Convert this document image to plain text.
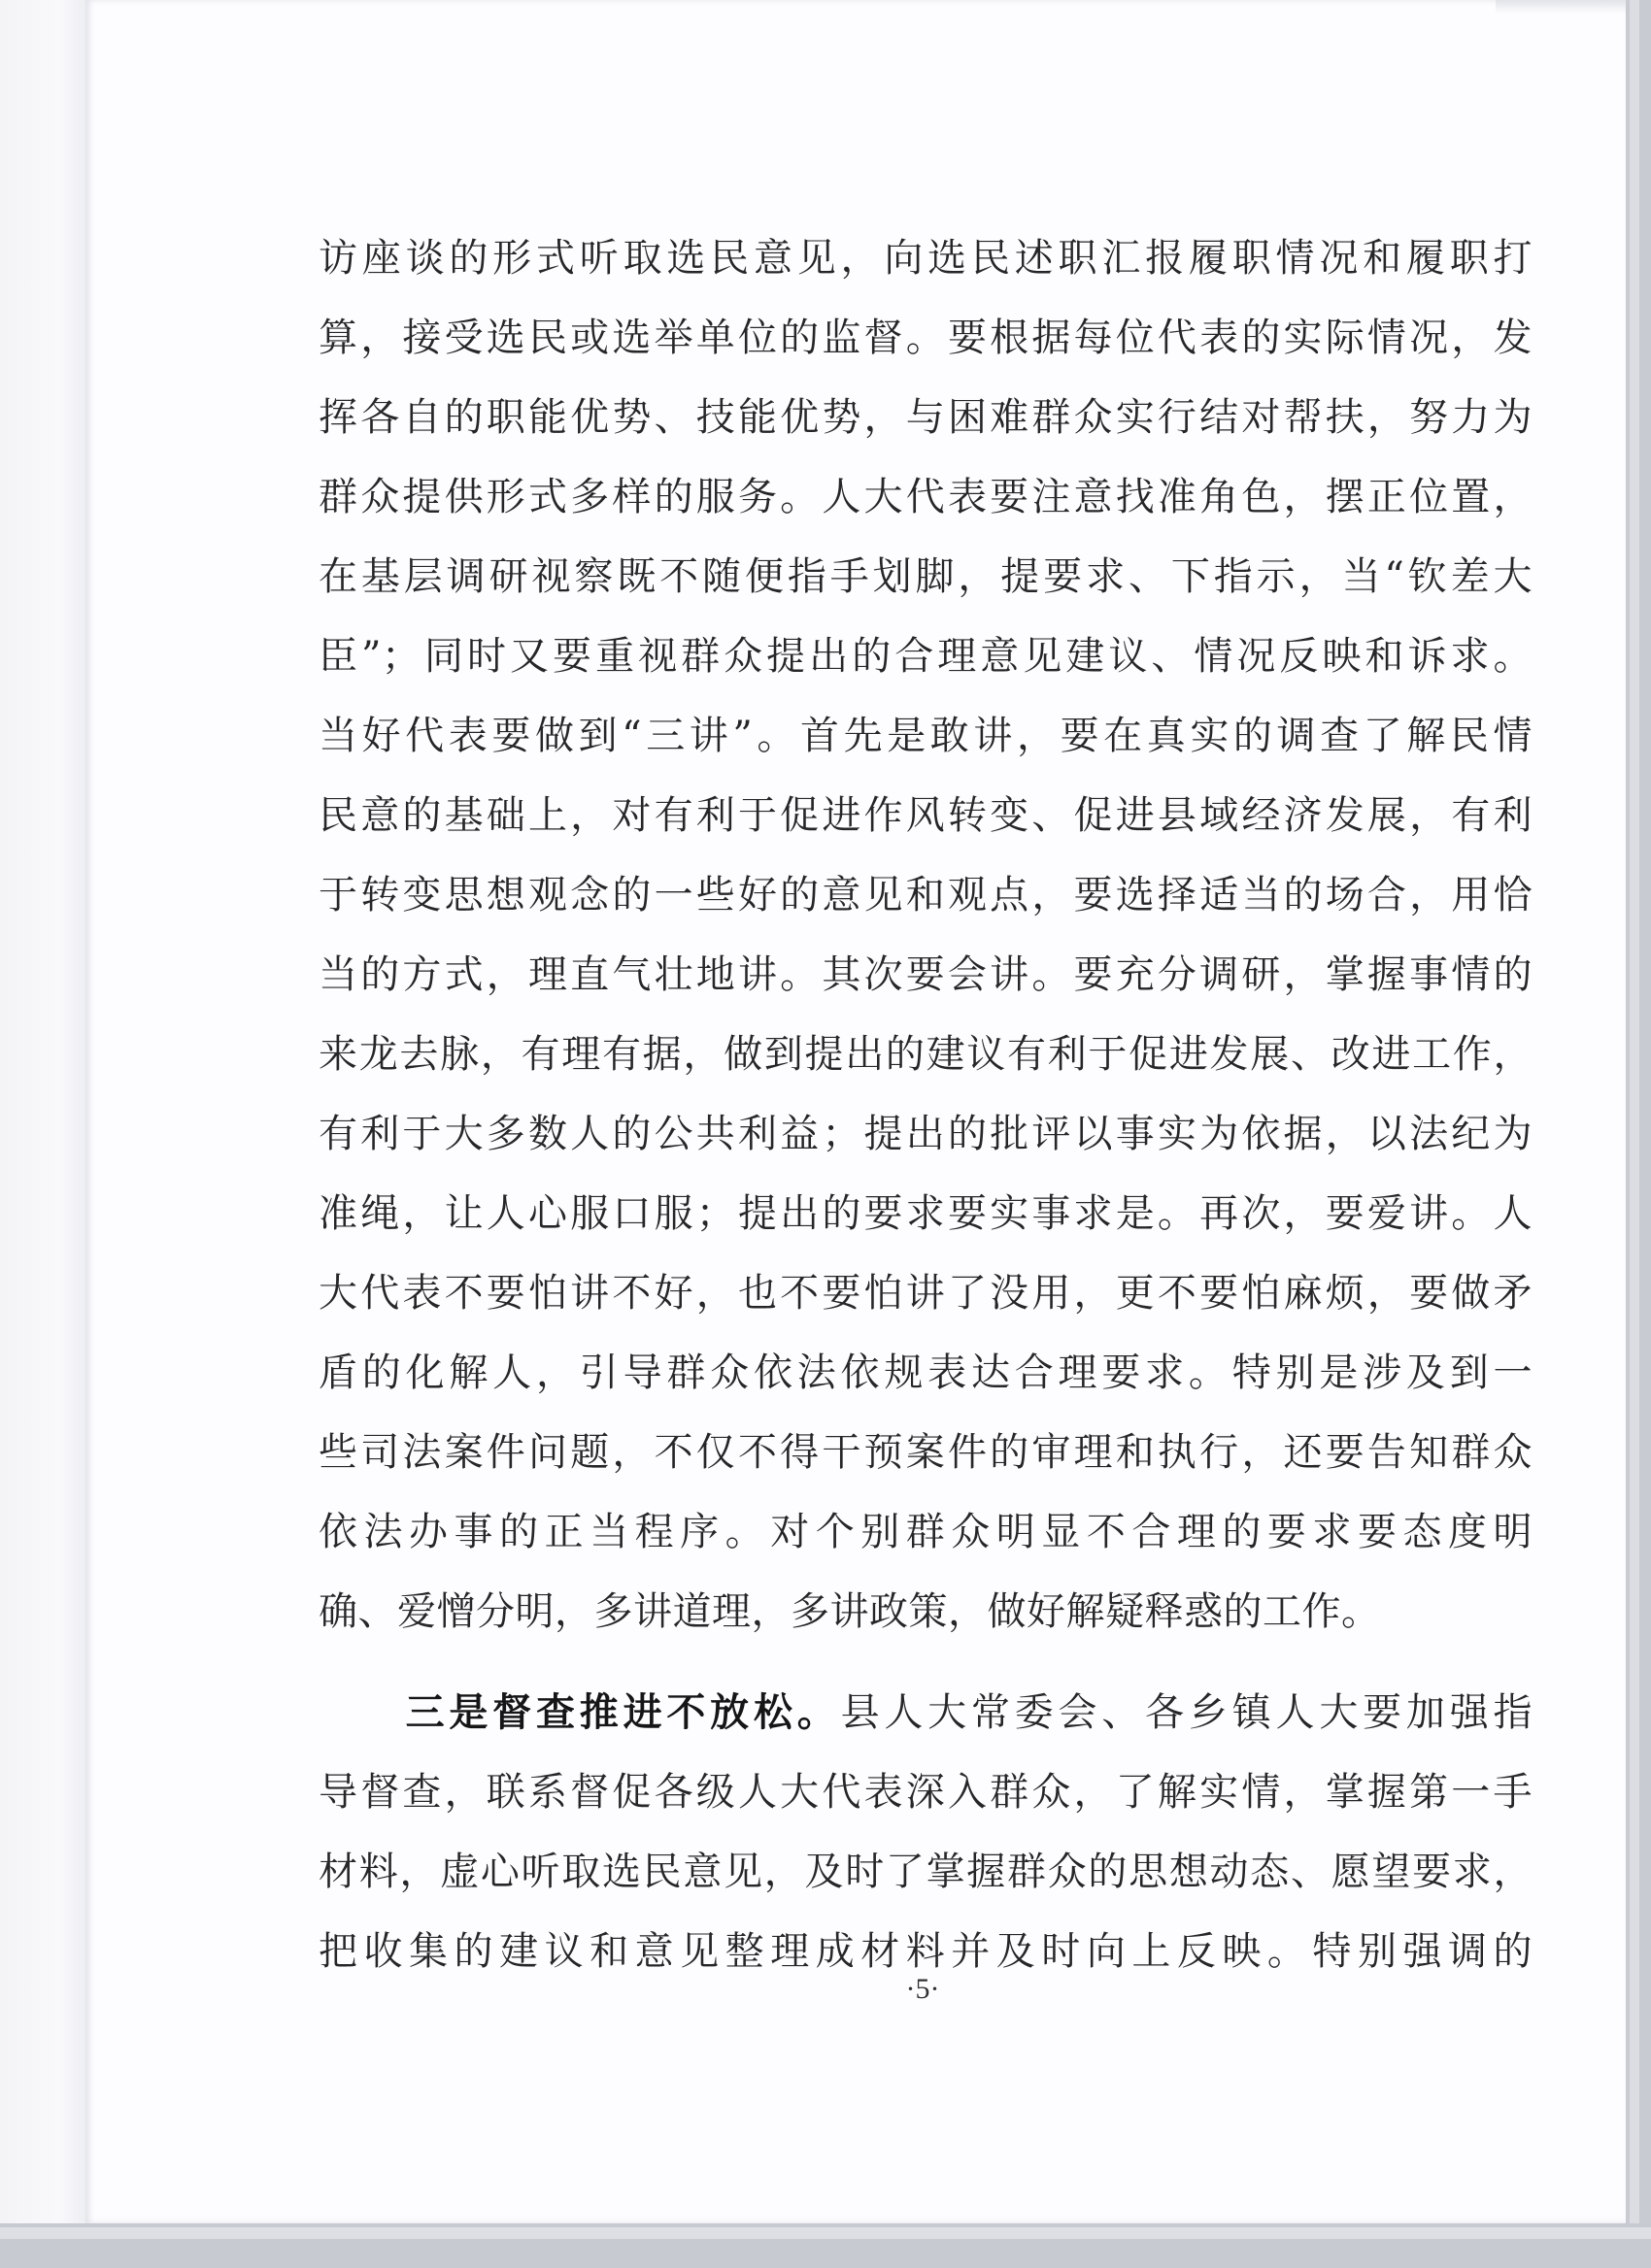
访座谈的形式听取选民意见，向选民述职汇报履职情况和履职打
算，接受选民或选举单位的监督。要根据每位代表的实际情况，发
挥各自的职能优势、技能优势，与困难群众实行结对帮扶，努力为
群众提供形式多样的服务。人大代表要注意找准角色，摆正位置，
在基层调研视察既不随便指手划脚，提要求、下指示，当“钦差大
臣”；同时又要重视群众提出的合理意见建议、情况反映和诉求。
当好代表要做到“三讲”。首先是敢讲，要在真实的调查了解民情
民意的基础上，对有利于促进作风转变、促进县域经济发展，有利
于转变思想观念的一些好的意见和观点，要选择适当的场合，用恰
当的方式，理直气壮地讲。其次要会讲。要充分调研，掌握事情的
来龙去脉，有理有据，做到提出的建议有利于促进发展、改进工作，
有利于大多数人的公共利益；提出的批评以事实为依据，以法纪为
准绳，让人心服口服；提出的要求要实事求是。再次，要爱讲。人
大代表不要怕讲不好，也不要怕讲了没用，更不要怕麻烦，要做矛
盾的化解人，引导群众依法依规表达合理要求。特别是涉及到一
些司法案件问题，不仅不得干预案件的审理和执行，还要告知群众
依法办事的正当程序。对个别群众明显不合理的要求要态度明
确、爱憎分明，多讲道理，多讲政策，做好解疑释惑的工作。
　　三是督查推进不放松。县人大常委会、各乡镇人大要加强指
导督查，联系督促各级人大代表深入群众，了解实情，掌握第一手
材料，虚心听取选民意见，及时了掌握群众的思想动态、愿望要求，
把收集的建议和意见整理成材料并及时向上反映。特别强调的
·5·
